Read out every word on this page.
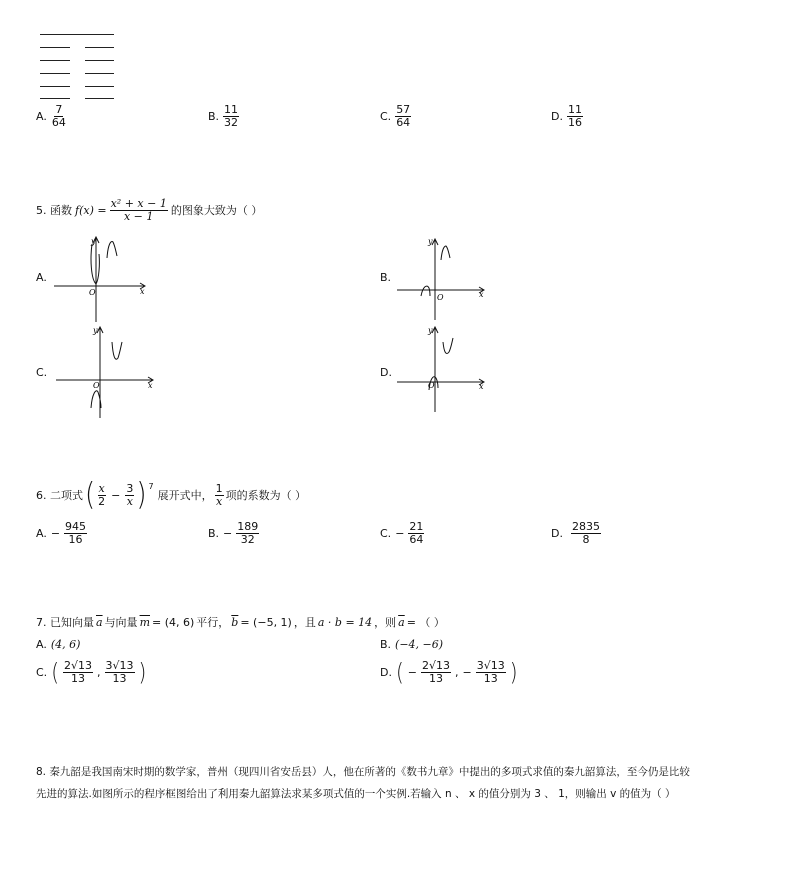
A. $\frac{7}{64}$	B. $\frac{11}{32}$	C. $\frac{57}{64}$	D. $\frac{11}{16}$
5. 函数 $f(x) = \frac{\text{x² + x − 1}}{x - 1}$ 的图象大致为（ ）
A.	B.
C.	D.
y
x
O
y
x
O
y
x
O
y
x
O
6. 二项式 ( $\frac{x}{2} - \frac{3}{x}$ ) $^7$
展开式中， $\frac{1}{x}$ 项的系数为（ ）
A. − $\frac{945}{16}$	B. − $\frac{189}{32}$	C. − $\frac{21}{64}$	D. $\frac{2835}{8}$
7. 已知向量 $\overline{a}$ 与向量 $\overline{m} = (4$, 6) 平行， $\overline{b} = (-5$, 1) ，且 a · b = 14 ，则 $\overline{a}$ = （ ）
A. (4, 6)	B. (−4, −6)
C. ( $\frac{2√13}{13}$ , $\frac{3√13}{13}$ )	D. ( − $\frac{2√13}{13}$ , − $\frac{3√13}{13}$ )
8. 秦九韶是我国南宋时期的数学家，普州（现四川省安岳县）人，他在所著的《数书九章》中提出的多项式求值的秦九韶算法，至今仍是比较
先进的算法.如图所示的程序框图给出了利用秦九韶算法求某多项式值的一个实例.若输入 n 、 x 的值分别为 3 、 1，则输出 v 的值为（ ）
